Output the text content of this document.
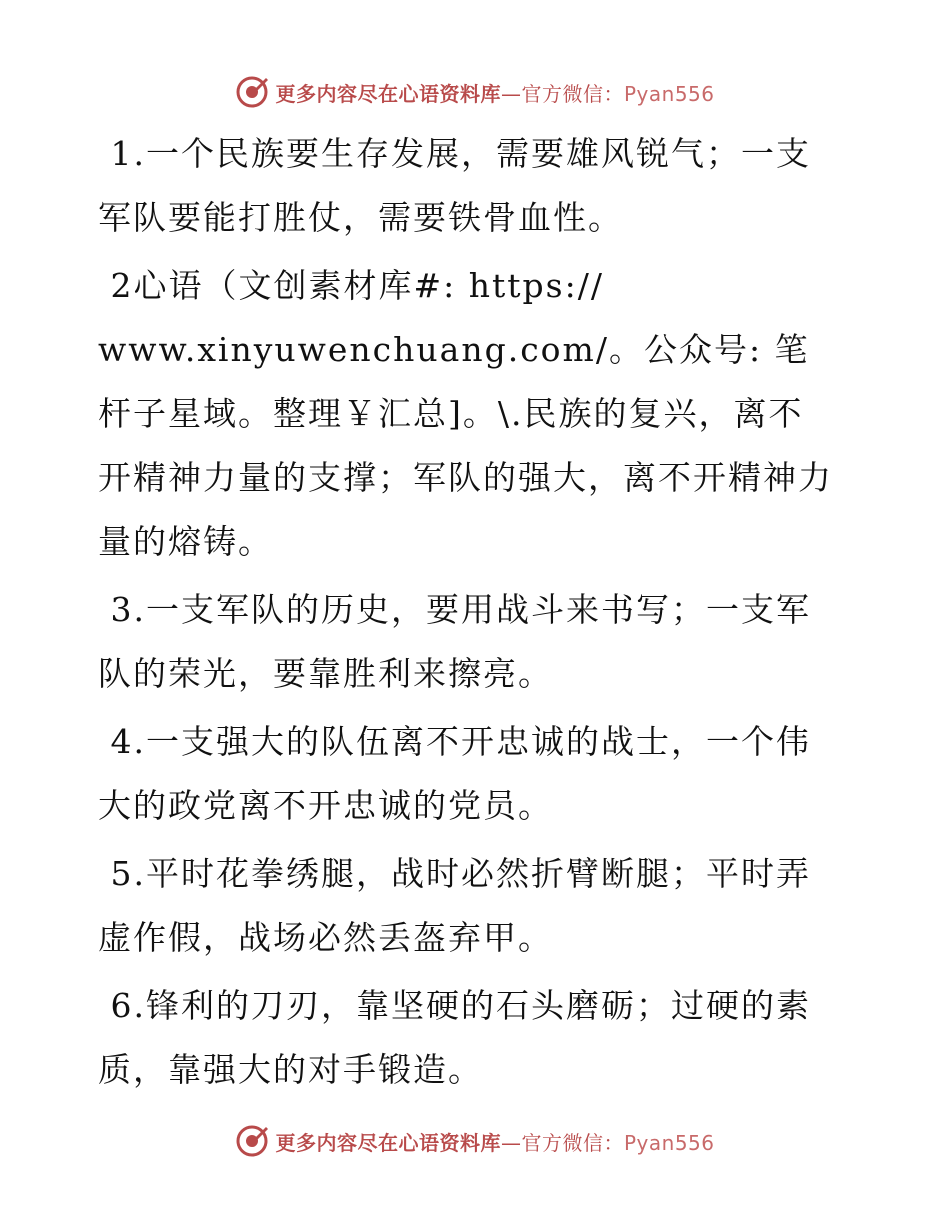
更多内容尽在心语资料库—官方微信：Pyan556

1.一个民族要生存发展，需要雄风锐气；一支军队要能打胜仗，需要铁骨血性。

2心语（文创素材库#: https://
www.xinyuwenchuang.com/。公众号: 笔杆子星域。整理￥汇总]。\.民族的复兴，离不开精神力量的支撑；军队的强大，离不开精神力量的熔铸。

3.一支军队的历史，要用战斗来书写；一支军队的荣光，要靠胜利来擦亮。

4.一支强大的队伍离不开忠诚的战士，一个伟大的政党离不开忠诚的党员。

5.平时花拳绣腿，战时必然折臂断腿；平时弄虚作假，战场必然丢盔弃甲。

6.锋利的刀刃，靠坚硬的石头磨砺；过硬的素质，靠强大的对手锻造。

更多内容尽在心语资料库—官方微信：Pyan556
